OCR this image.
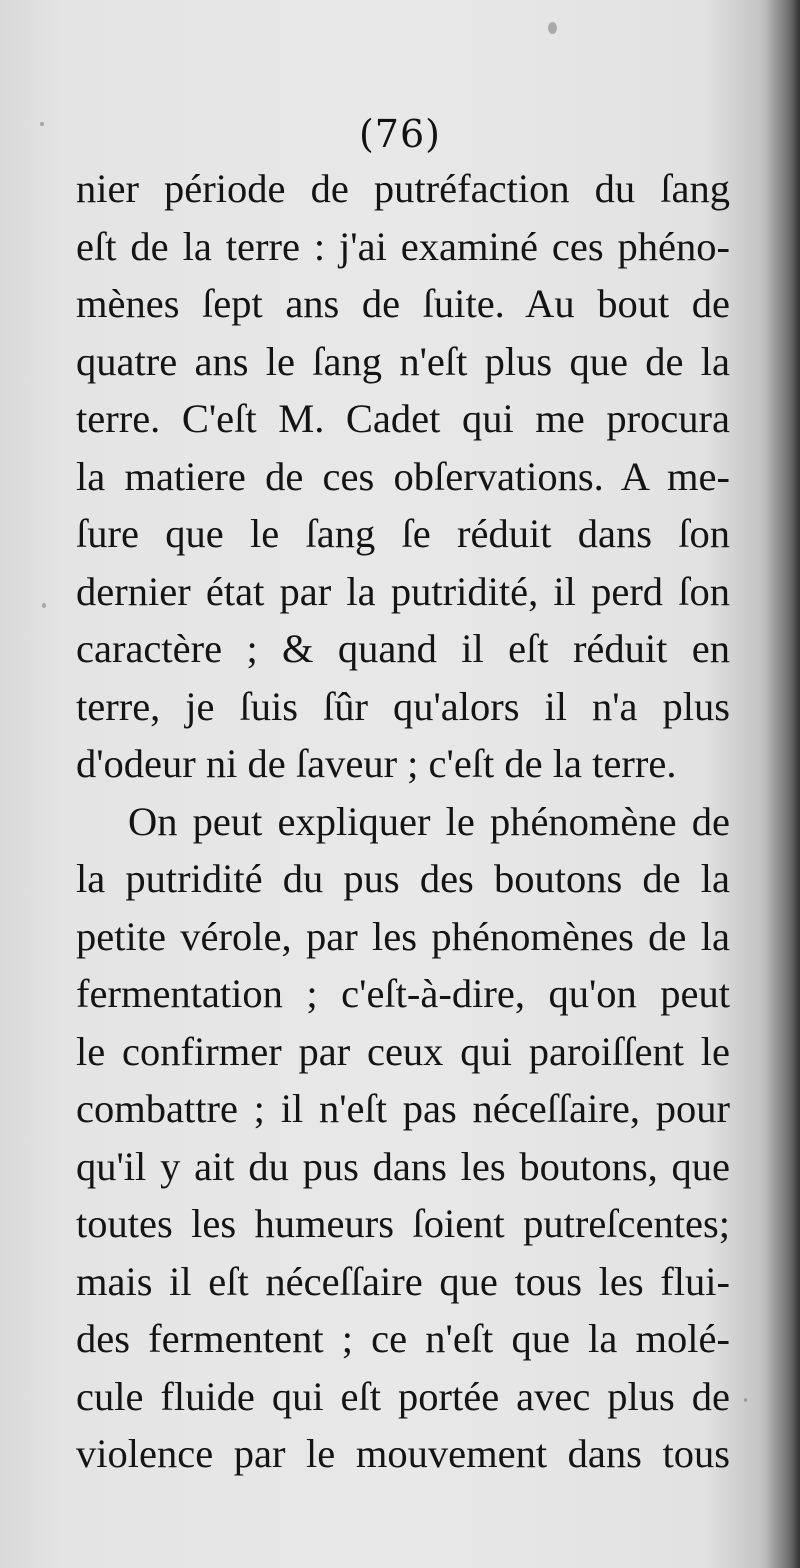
(76)
nier période de putréfaction du ſang
eſt de la terre : j'ai examiné ces phéno-
mènes ſept ans de ſuite. Au bout de
quatre ans le ſang n'eſt plus que de la
terre. C'eſt M. Cadet qui me procura
la matiere de ces obſervations. A me-
ſure que le ſang ſe réduit dans ſon
dernier état par la putridité, il perd ſon
caractère ; & quand il eſt réduit en
terre, je ſuis ſûr qu'alors il n'a plus
d'odeur ni de ſaveur ; c'eſt de la terre.
On peut expliquer le phénomène de
la putridité du pus des boutons de la
petite vérole, par les phénomènes de la
fermentation ; c'eſt-à-dire, qu'on peut
le confirmer par ceux qui paroiſſent le
combattre ; il n'eſt pas néceſſaire, pour
qu'il y ait du pus dans les boutons, que
toutes les humeurs ſoient putreſcentes;
mais il eſt néceſſaire que tous les flui-
des fermentent ; ce n'eſt que la molé-
cule fluide qui eſt portée avec plus de
violence par le mouvement dans tous
